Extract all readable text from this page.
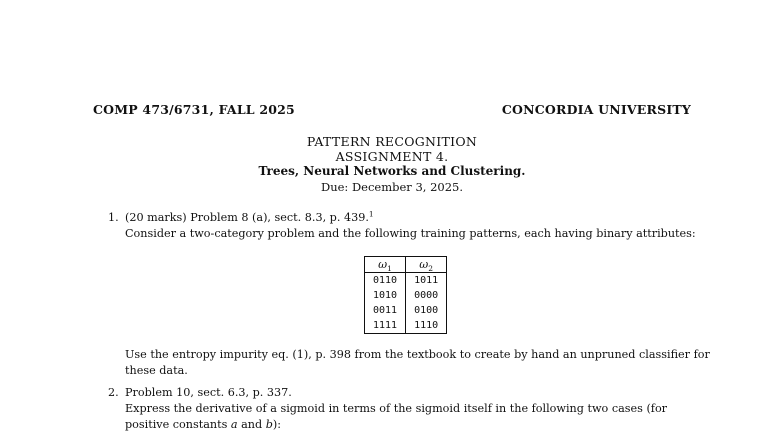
COMP 473/6731, FALL 2025	CONCORDIA UNIVERSITY
PATTERN RECOGNITION
ASSIGNMENT 4.
Trees, Neural Networks and Clustering.
Due: December 3, 2025.
1. (20 marks) Problem 8 (a), sect. 8.3, p. 439.$^1$
Consider a two-category problem and the following training patterns, each having binary attributes:
$\omega_1$	$\omega_2$
0110	1011
1010	0000
0011	0100
1111	1110
Use the entropy impurity eq. (1), p. 398 from the textbook to create by hand an unpruned classifier for these data.
2. Problem 10, sect. 6.3, p. 337.
Express the derivative of a sigmoid in terms of the sigmoid itself in the following two cases (for positive constants a and b):
